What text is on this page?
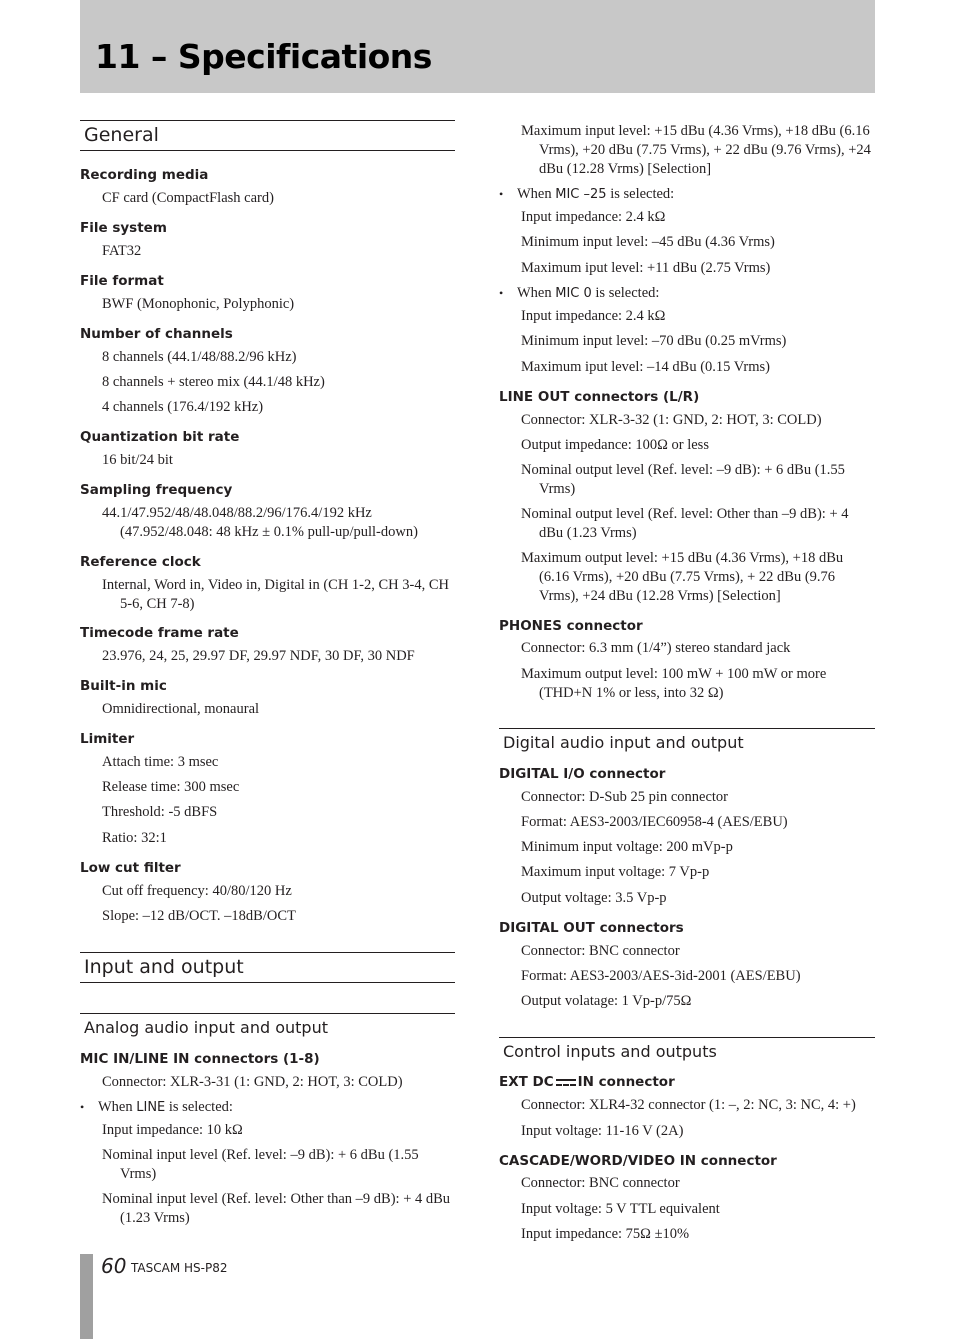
11 – Specifications
General
Recording media
CF card (CompactFlash card)
File system
FAT32
File format
BWF (Monophonic, Polyphonic)
Number of channels
8 channels (44.1/48/88.2/96 kHz)
8 channels + stereo mix (44.1/48 kHz)
4 channels (176.4/192 kHz)
Quantization bit rate
16 bit/24 bit
Sampling frequency
44.1/47.952/48/48.048/88.2/96/176.4/192 kHz (47.952/48.048: 48 kHz ± 0.1% pull-up/pull-down)
Reference clock
Internal, Word in, Video in, Digital in (CH 1-2, CH 3-4, CH 5-6, CH 7-8)
Timecode frame rate
23.976, 24, 25, 29.97 DF, 29.97 NDF, 30 DF, 30 NDF
Built-in mic
Omnidirectional, monaural
Limiter
Attach time: 3 msec
Release time: 300 msec
Threshold: -5 dBFS
Ratio: 32:1
Low cut filter
Cut off frequency: 40/80/120 Hz
Slope: –12 dB/OCT. –18dB/OCT
Input and output
Analog audio input and output
MIC IN/LINE IN connectors (1-8)
Connector: XLR-3-31 (1: GND, 2: HOT, 3: COLD)
• When LINE is selected:
Input impedance: 10 kΩ
Nominal input level (Ref. level: –9 dB): + 6 dBu (1.55 Vrms)
Nominal input level (Ref. level: Other than –9 dB): + 4 dBu (1.23 Vrms)
Maximum input level: +15 dBu (4.36 Vrms), +18 dBu (6.16 Vrms), +20 dBu (7.75 Vrms), + 22 dBu (9.76 Vrms), +24 dBu (12.28 Vrms) [Selection]
• When MIC –25 is selected:
Input impedance: 2.4 kΩ
Minimum input level: –45 dBu (4.36 Vrms)
Maximum iput level: +11 dBu (2.75 Vrms)
• When MIC 0 is selected:
Input impedance: 2.4 kΩ
Minimum input level: –70 dBu (0.25 mVrms)
Maximum iput level: –14 dBu (0.15 Vrms)
LINE OUT connectors (L/R)
Connector: XLR-3-32 (1: GND, 2: HOT, 3: COLD)
Output impedance: 100Ω or less
Nominal output level (Ref. level: –9 dB): + 6 dBu (1.55 Vrms)
Nominal output level (Ref. level: Other than –9 dB): + 4 dBu (1.23 Vrms)
Maximum output level: +15 dBu (4.36 Vrms), +18 dBu (6.16 Vrms), +20 dBu (7.75 Vrms), + 22 dBu (9.76 Vrms), +24 dBu (12.28 Vrms) [Selection]
PHONES connector
Connector: 6.3 mm (1/4”) stereo standard jack
Maximum output level: 100 mW + 100 mW or more (THD+N 1% or less, into 32 Ω)
Digital audio input and output
DIGITAL I/O connector
Connector: D-Sub 25 pin connector
Format: AES3-2003/IEC60958-4 (AES/EBU)
Minimum input voltage: 200 mVp-p
Maximum input voltage: 7 Vp-p
Output voltage: 3.5 Vp-p
DIGITAL OUT connectors
Connector: BNC connector
Format: AES3-2003/AES-3id-2001 (AES/EBU)
Output volatage: 1 Vp-p/75Ω
Control inputs and outputs
EXT DC IN connector
Connector: XLR4-32 connector (1: –, 2: NC, 3: NC, 4: +)
Input voltage: 11-16 V (2A)
CASCADE/WORD/VIDEO IN connector
Connector: BNC connector
Input voltage: 5 V TTL equivalent
Input impedance: 75Ω ±10%
60 TASCAM HS-P82
